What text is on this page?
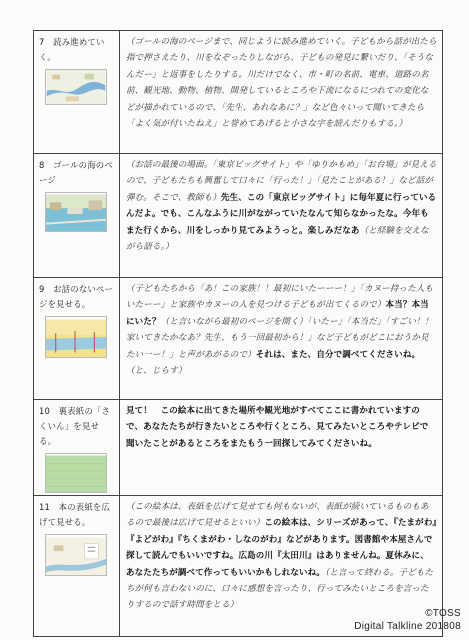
7　読み進めていく。
（ゴールの海のページまで、同じように読み進めていく。子どもから話が出たら指で押さえたり、川をなぞったりしながら、子どもの発見に繋いだり、「そうなんだー」と返事をしたりする。川だけでなく、市・町の名前、電車、道路の名前、観光地、動物、植物、開発しているところや下流になるにつれての変化などが描かれているので、「先生、あれなあに？」など色々いって聞いてきたら「よく気が付いたねえ」と誉めてあげると小さな字を読んだりもする。）
8　ゴールの海のページ
（お話の最後の場面。「東京ビッグサイト」や「ゆりかもめ」「お台場」が見えるので、子どもたちも興奮して口々に「行った！」「見たことがある！」など話が弾む。そこで、教師も）先生、この「東京ビッグサイト」に毎年夏に行っているんだよ。でも、こんなふうに川がながっていたなんて知らなかったな。今年もまた行くから、川をしっかり見てみようっと。楽しみだなあ（と経験を交えながら語る。）
9　お話のないページを見せる。
（子どもたちから「あ！この家族！！最初にいたーーー！」「カヌー持った人もいたーー」と家族やカヌーの人を見つける子どもが出てくるので）本当？本当にいた？（と言いながら最初のページを開く）「いたー」「本当だ」「すごい！！家いてきたかなあ？先生、もう一回最初から！」など子どもがどこにおうか見たい一ー！」と声があがるので）それは、また、自分で調べてくださいね。（と、じらす）
10　裏表紙の「さくいん」を見せる。
見て！　この絵本に出てきた場所や観光地がすべてここに書かれていますので、あなたたちが行きたいところや行くところ、見てみたいところやテレビで聞いたことがあるところをまたもう一回探してみてくださいね。
11　本の表紙を広げて見せる。
（この絵本は、表紙を広げて見せても何もないが、表紙が続いているものもあるので最後は広げて見せるといい）この絵本は、シリーズがあって、『たまがわ』『よどがわ』『ちくまがわ・しなのがわ』などがあります。図書館や本屋さんで探して読んでもいいですね。広島の川『太田川』はありませんね。夏休みに、あなたたちが調べて作ってもいいかもしれないね。（と言って終わる。子どもたちが何も言わないのに、口々に感想を言ったり、行ってみたいところを言ったりするので話す時間をとる）
©TOSS
Digital Talkline 201808
